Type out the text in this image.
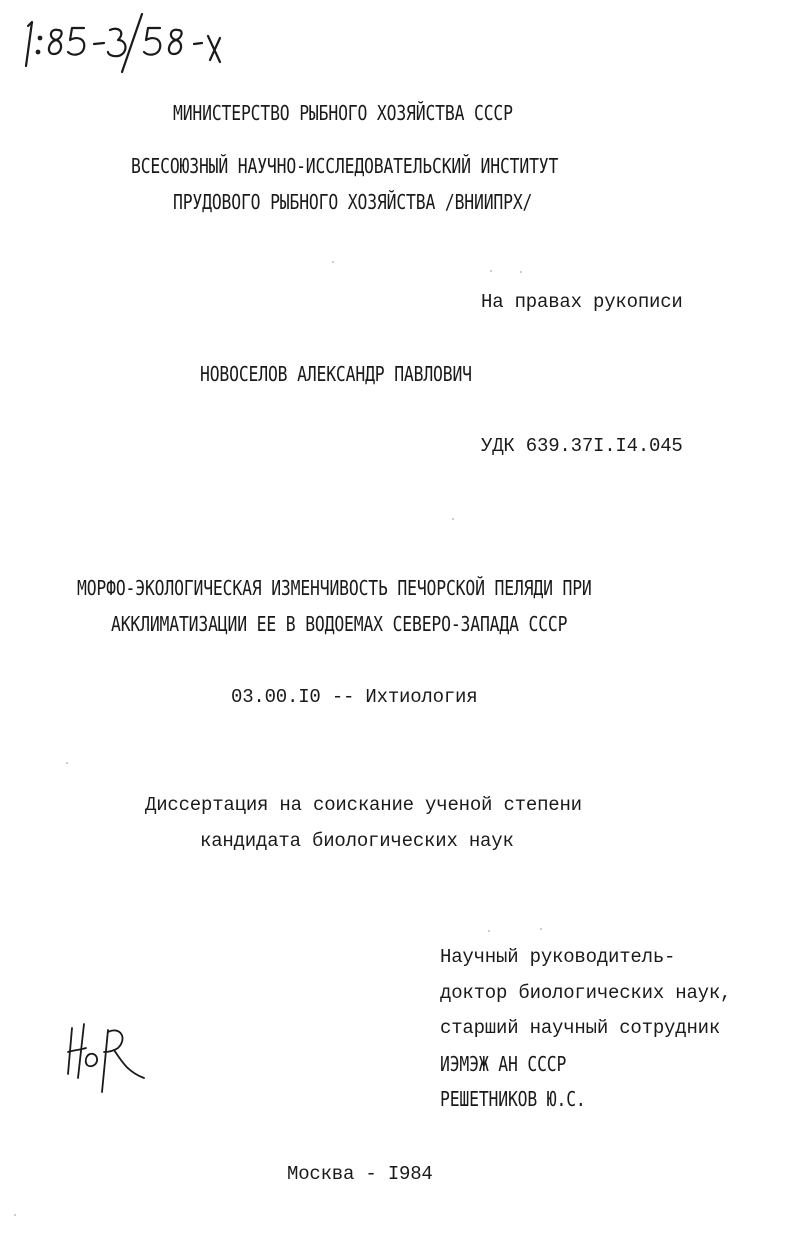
МИНИСТЕРСТВО РЫБНОГО ХОЗЯЙСТВА СССР
ВСЕСОЮЗНЫЙ НАУЧНО-ИССЛЕДОВАТЕЛЬСКИЙ ИНСТИТУТ
ПРУДОВОГО РЫБНОГО ХОЗЯЙСТВА /ВНИИПРХ/
На правах рукописи
НОВОСЕЛОВ АЛЕКСАНДР ПАВЛОВИЧ
УДК 639.37I.I4.045
МОРФО-ЭКОЛОГИЧЕСКАЯ ИЗМЕНЧИВОСТЬ ПЕЧОРСКОЙ ПЕЛЯДИ ПРИ
АККЛИМАТИЗАЦИИ ЕЕ В ВОДОЕМАХ СЕВЕРО-ЗАПАДА СССР
03.00.I0 -- Ихтиология
Диссертация на соискание ученой степени
кандидата биологических наук
Научный руководитель-
доктор биологических наук,
старший научный сотрудник
ИЭМЭЖ АН СССР
РЕШЕТНИКОВ Ю.С.
Москва - I984
